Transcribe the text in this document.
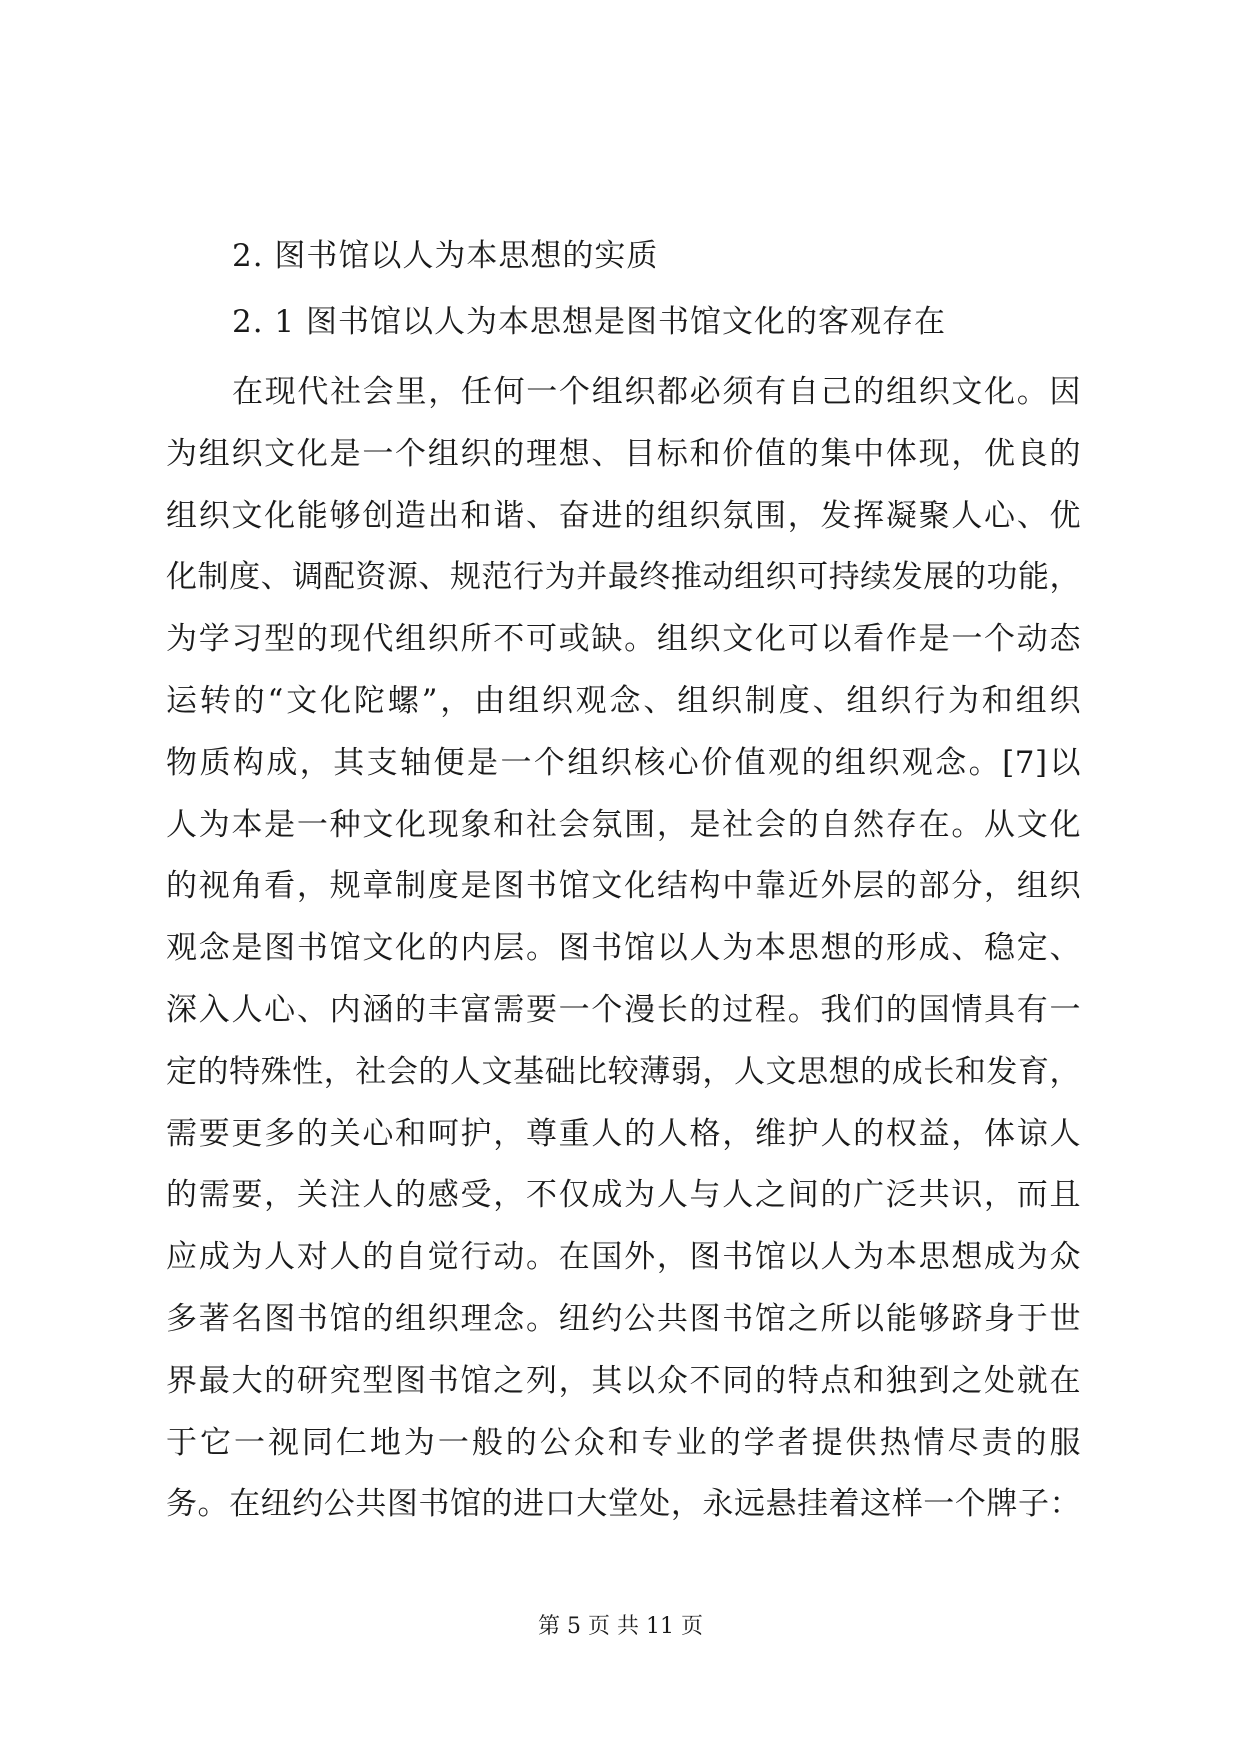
2. 图书馆以人为本思想的实质
2. 1 图书馆以人为本思想是图书馆文化的客观存在
在现代社会里，任何一个组织都必须有自己的组织文化。因
为组织文化是一个组织的理想、目标和价值的集中体现，优良的
组织文化能够创造出和谐、奋进的组织氛围，发挥凝聚人心、优
化制度、调配资源、规范行为并最终推动组织可持续发展的功能，
为学习型的现代组织所不可或缺。组织文化可以看作是一个动态
运转的“文化陀螺”，由组织观念、组织制度、组织行为和组织
物质构成，其支轴便是一个组织核心价值观的组织观念。[7]以
人为本是一种文化现象和社会氛围，是社会的自然存在。从文化
的视角看，规章制度是图书馆文化结构中靠近外层的部分，组织
观念是图书馆文化的内层。图书馆以人为本思想的形成、稳定、
深入人心、内涵的丰富需要一个漫长的过程。我们的国情具有一
定的特殊性，社会的人文基础比较薄弱，人文思想的成长和发育，
需要更多的关心和呵护，尊重人的人格，维护人的权益，体谅人
的需要，关注人的感受，不仅成为人与人之间的广泛共识，而且
应成为人对人的自觉行动。在国外，图书馆以人为本思想成为众
多著名图书馆的组织理念。纽约公共图书馆之所以能够跻身于世
界最大的研究型图书馆之列，其以众不同的特点和独到之处就在
于它一视同仁地为一般的公众和专业的学者提供热情尽责的服
务。在纽约公共图书馆的进口大堂处，永远悬挂着这样一个牌子：
第 5 页 共 11 页
